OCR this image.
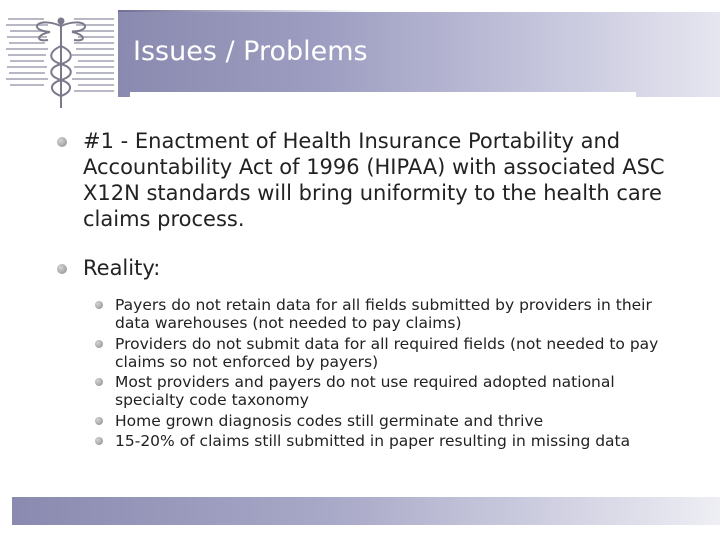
Issues / Problems
#1 - Enactment of Health Insurance Portability and Accountability Act of 1996 (HIPAA) with associated ASC X12N standards will bring uniformity to the health care claims process.
Reality:
Payers do not retain data for all fields submitted by providers in their data warehouses (not needed to pay claims)
Providers do not submit data for all required fields (not needed to pay claims so not enforced by payers)
Most providers and payers do not use required adopted national specialty code taxonomy
Home grown diagnosis codes still germinate and thrive
15-20% of claims still submitted in paper resulting in missing data
